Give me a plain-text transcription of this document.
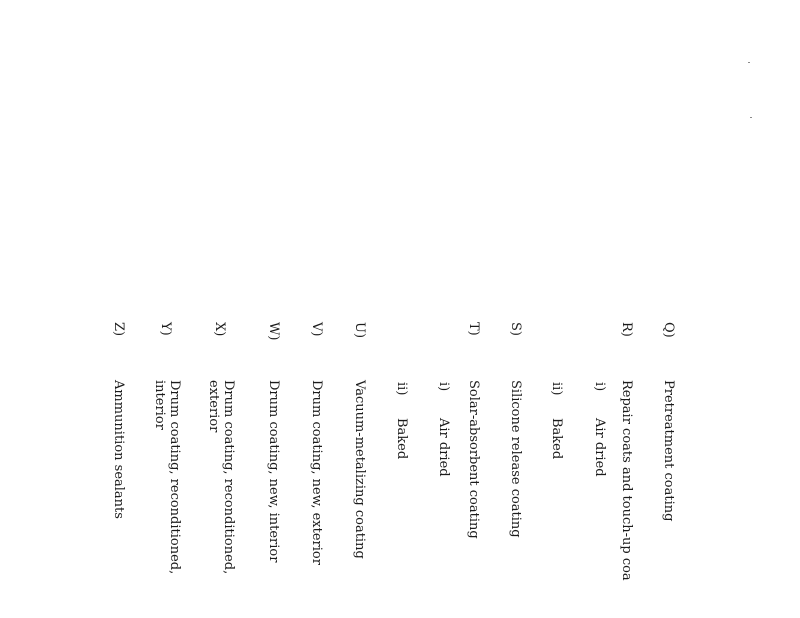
Q)
Pretreatment coating
R)
Repair coats and touch-up coa
i)
Air dried
ii)
Baked
S)
Silicone release coating
T)
Solar-absorbent coating
i)
Air dried
ii)
Baked
U)
Vacuum-metalizing coating
V)
Drum coating, new, exterior
W)
Drum coating, new, interior
X)
Drum coating, reconditioned, exterior
Y)
Drum coating, reconditioned, interior
Z)
Ammunition sealants
